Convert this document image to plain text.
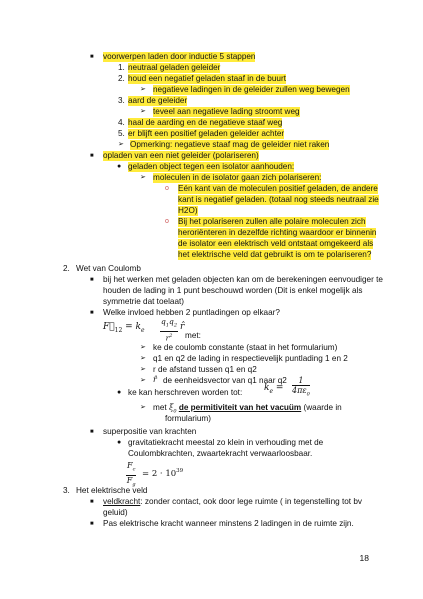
■ voorwerpen laden door inductie 5 stappen
1. neutraal geladen geleider
2. houd een negatief geladen staaf in de buurt
➢ negatieve ladingen in de geleider zullen weg bewegen
3. aard de geleider
➢ teveel aan negatieve lading stroomt weg
4. haal de aarding en de negatieve staaf weg
5. er blijft een positief geladen geleider achter
➢ Opmerking: negatieve staaf mag de geleider niet raken
■ opladen van een niet geleider (polariseren)
● geladen object tegen een isolator aanhouden:
➢ moleculen in de isolator gaan zich polariseren:
o Eén kant van de moleculen positief geladen, de andere
kant is negatief geladen. (totaal nog steeds neutraal zie
H2O)
o Bij het polariseren zullen alle polaire moleculen zich
heroriënteren in dezelfde richting waardoor er binnenin
de isolator een elektrisch veld ontstaat omgekeerd als
het elektrische veld dat gebruikt is om te polariseren?
2. Wet van Coulomb
■ bij het werken met geladen objecten kan om de berekeningen eenvoudiger te
houden de lading in 1 punt beschouwd worden (Dit is enkel mogelijk als
symmetrie dat toelaat)
■ Welke invloed hebben 2 puntladingen op elkaar?
$F⃗_{12} = k_e \frac{q_1q_2}{r^2}$ r̂
met:
➢ ke de coulomb constante (staat in het formularium)
➢ q1 en q2 de lading in respectievelijk puntlading 1 en 2
➢ r de afstand tussen q1 en q2
➢ r̂ de eenheidsvector van q1 naar q2
● ke kan herschreven worden tot: $k_e = \frac{1}{4\pi\varepsilon_0}$
➢ met $\xi_0$ de permitiviteit van het vacuüm (waarde in
formularium)
■ superpositie van krachten
● gravitatiekracht meestal zo klein in verhouding met de
Coulombkrachten, zwaartekracht verwaarloosbaar.
$\frac{F_c}{F_g} = 2 \cdot 10^{39}$
3. Het elektrische veld
■ veldkracht: zonder contact, ook door lege ruimte ( in tegenstelling tot bv
geluid)
■ Pas elektrische kracht wanneer minstens 2 ladingen in de ruimte zijn.
18
